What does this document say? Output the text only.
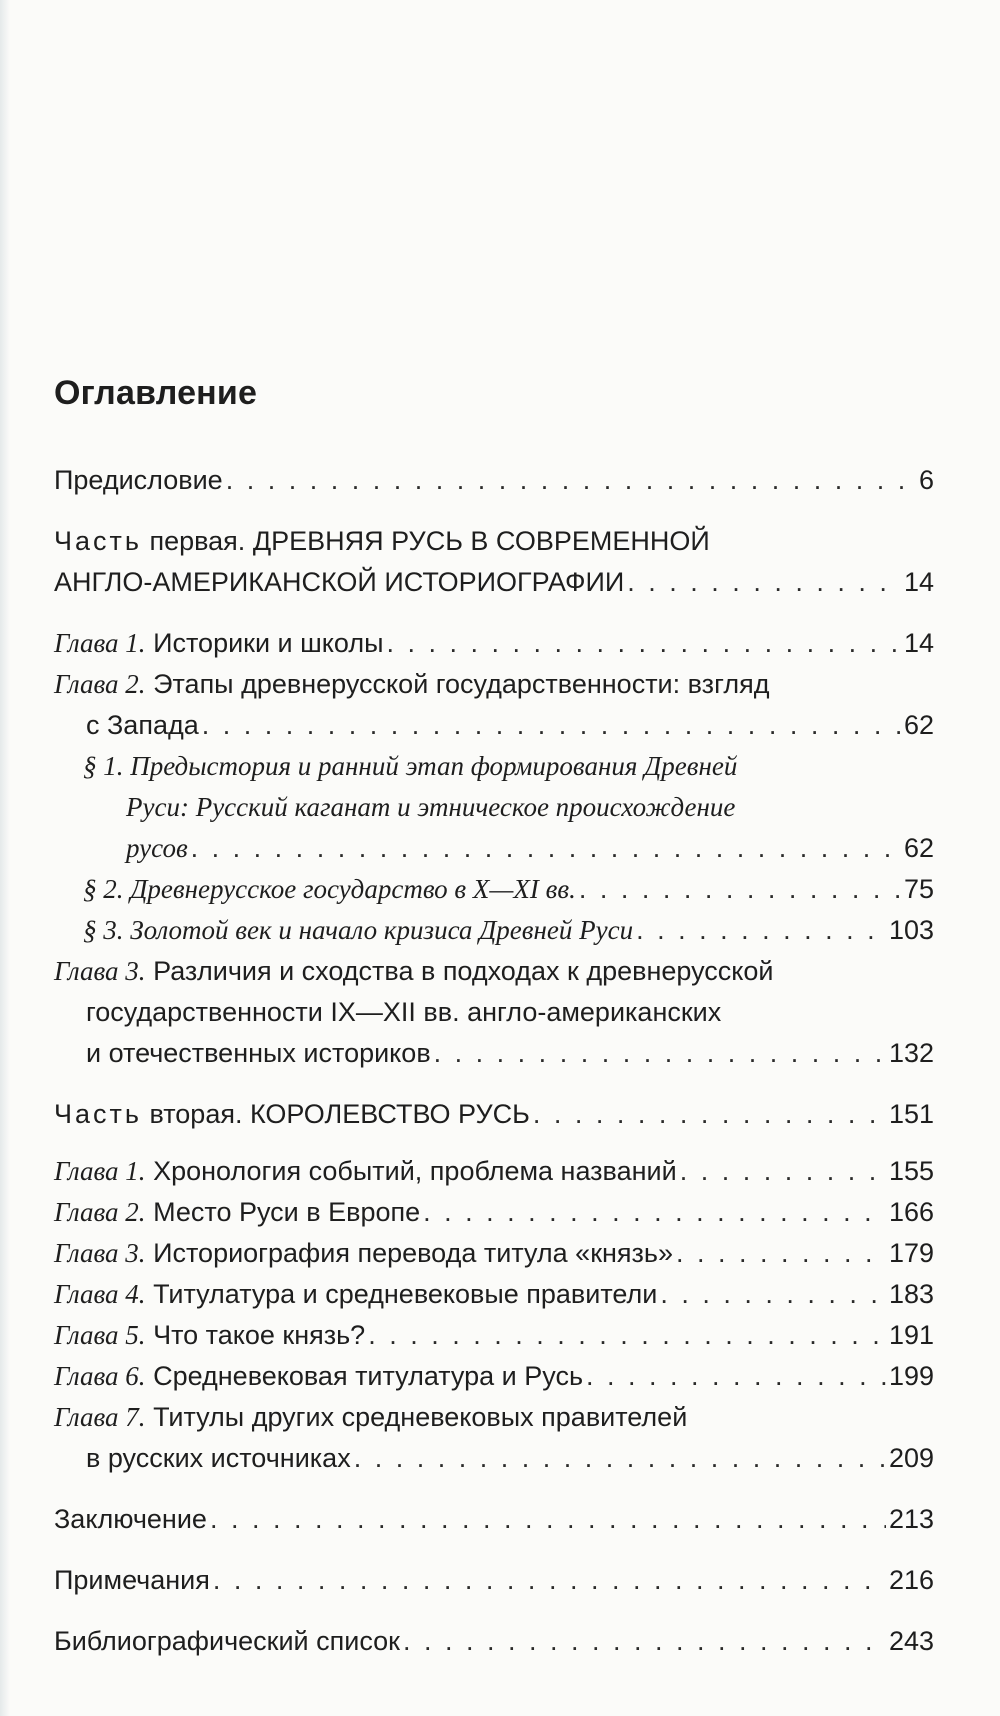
Оглавление
Предисловие . . .	6
Часть первая. ДРЕВНЯЯ РУСЬ В СОВРЕМЕННОЙ
АНГЛО-АМЕРИКАНСКОЙ ИСТОРИОГРАФИИ . . .	14
Глава 1. Историки и школы . . .	14
Глава 2. Этапы древнерусской государственности: взгляд
с Запада . . .	62
§ 1. Предыстория и ранний этап формирования Древней
Руси: Русский каганат и этническое происхождение
русов . . .	62
§ 2. Древнерусское государство в X—XI вв. . . .	75
§ 3. Золотой век и начало кризиса Древней Руси . . .	103
Глава 3. Различия и сходства в подходах к древнерусской
государственности IX—XII вв. англо-американских
и отечественных историков . . .	132
Часть вторая. КОРОЛЕВСТВО РУСЬ . . .	151
Глава 1. Хронология событий, проблема названий . . .	155
Глава 2. Место Руси в Европе . . .	166
Глава 3. Историография перевода титула «князь» . . .	179
Глава 4. Титулатура и средневековые правители . . .	183
Глава 5. Что такое князь? . . .	191
Глава 6. Средневековая титулатура и Русь . . .	199
Глава 7. Титулы других средневековых правителей
в русских источниках . . .	209
Заключение . . .	213
Примечания . . .	216
Библиографический список . . .	243
